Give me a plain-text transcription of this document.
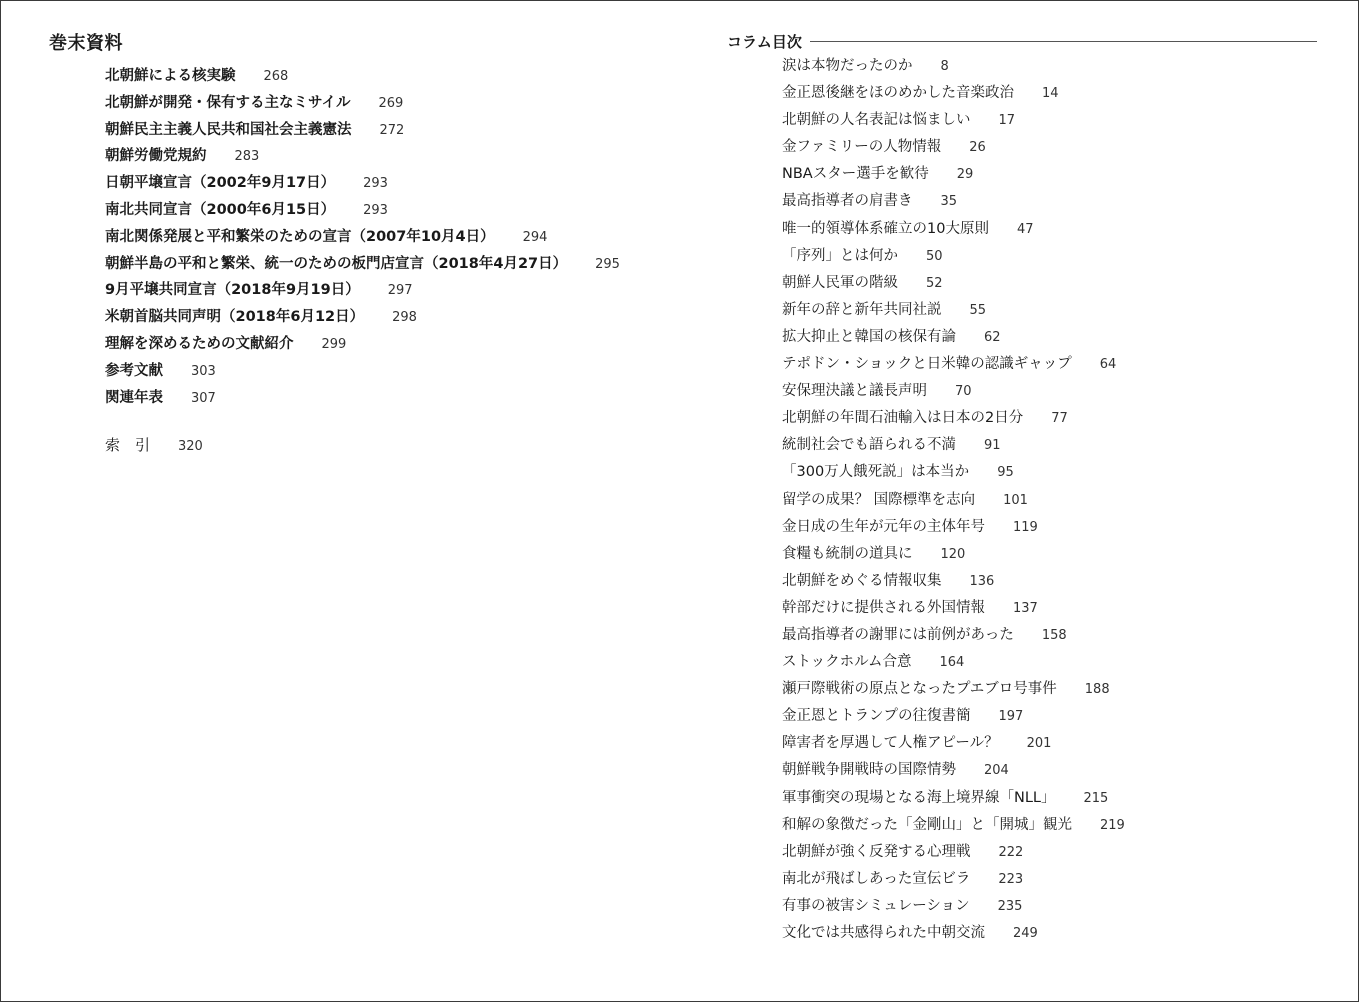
巻末資料
北朝鮮による核実験 268
北朝鮮が開発・保有する主なミサイル 269
朝鮮民主主義人民共和国社会主義憲法 272
朝鮮労働党規約 283
日朝平壌宣言（2002年9月17日） 293
南北共同宣言（2000年6月15日） 293
南北関係発展と平和繁栄のための宣言（2007年10月4日） 294
朝鮮半島の平和と繁栄、統一のための板門店宣言（2018年4月27日） 295
9月平壌共同宣言（2018年9月19日） 297
米朝首脳共同声明（2018年6月12日） 298
理解を深めるための文献紹介 299
参考文献 303
関連年表 307
索　引 320
コラム目次
涙は本物だったのか 8
金正恩後継をほのめかした音楽政治 14
北朝鮮の人名表記は悩ましい 17
金ファミリーの人物情報 26
NBAスター選手を歓待 29
最高指導者の肩書き 35
唯一的領導体系確立の10大原則 47
「序列」とは何か 50
朝鮮人民軍の階級 52
新年の辞と新年共同社説 55
拡大抑止と韓国の核保有論 62
テポドン・ショックと日米韓の認識ギャップ 64
安保理決議と議長声明 70
北朝鮮の年間石油輸入は日本の2日分 77
統制社会でも語られる不満 91
「300万人餓死説」は本当か 95
留学の成果？ 国際標準を志向 101
金日成の生年が元年の主体年号 119
食糧も統制の道具に 120
北朝鮮をめぐる情報収集 136
幹部だけに提供される外国情報 137
最高指導者の謝罪には前例があった 158
ストックホルム合意 164
瀬戸際戦術の原点となったプエブロ号事件 188
金正恩とトランプの往復書簡 197
障害者を厚遇して人権アピール？ 201
朝鮮戦争開戦時の国際情勢 204
軍事衝突の現場となる海上境界線「NLL」 215
和解の象徴だった「金剛山」と「開城」観光 219
北朝鮮が強く反発する心理戦 222
南北が飛ばしあった宣伝ビラ 223
有事の被害シミュレーション 235
文化では共感得られた中朝交流 249
